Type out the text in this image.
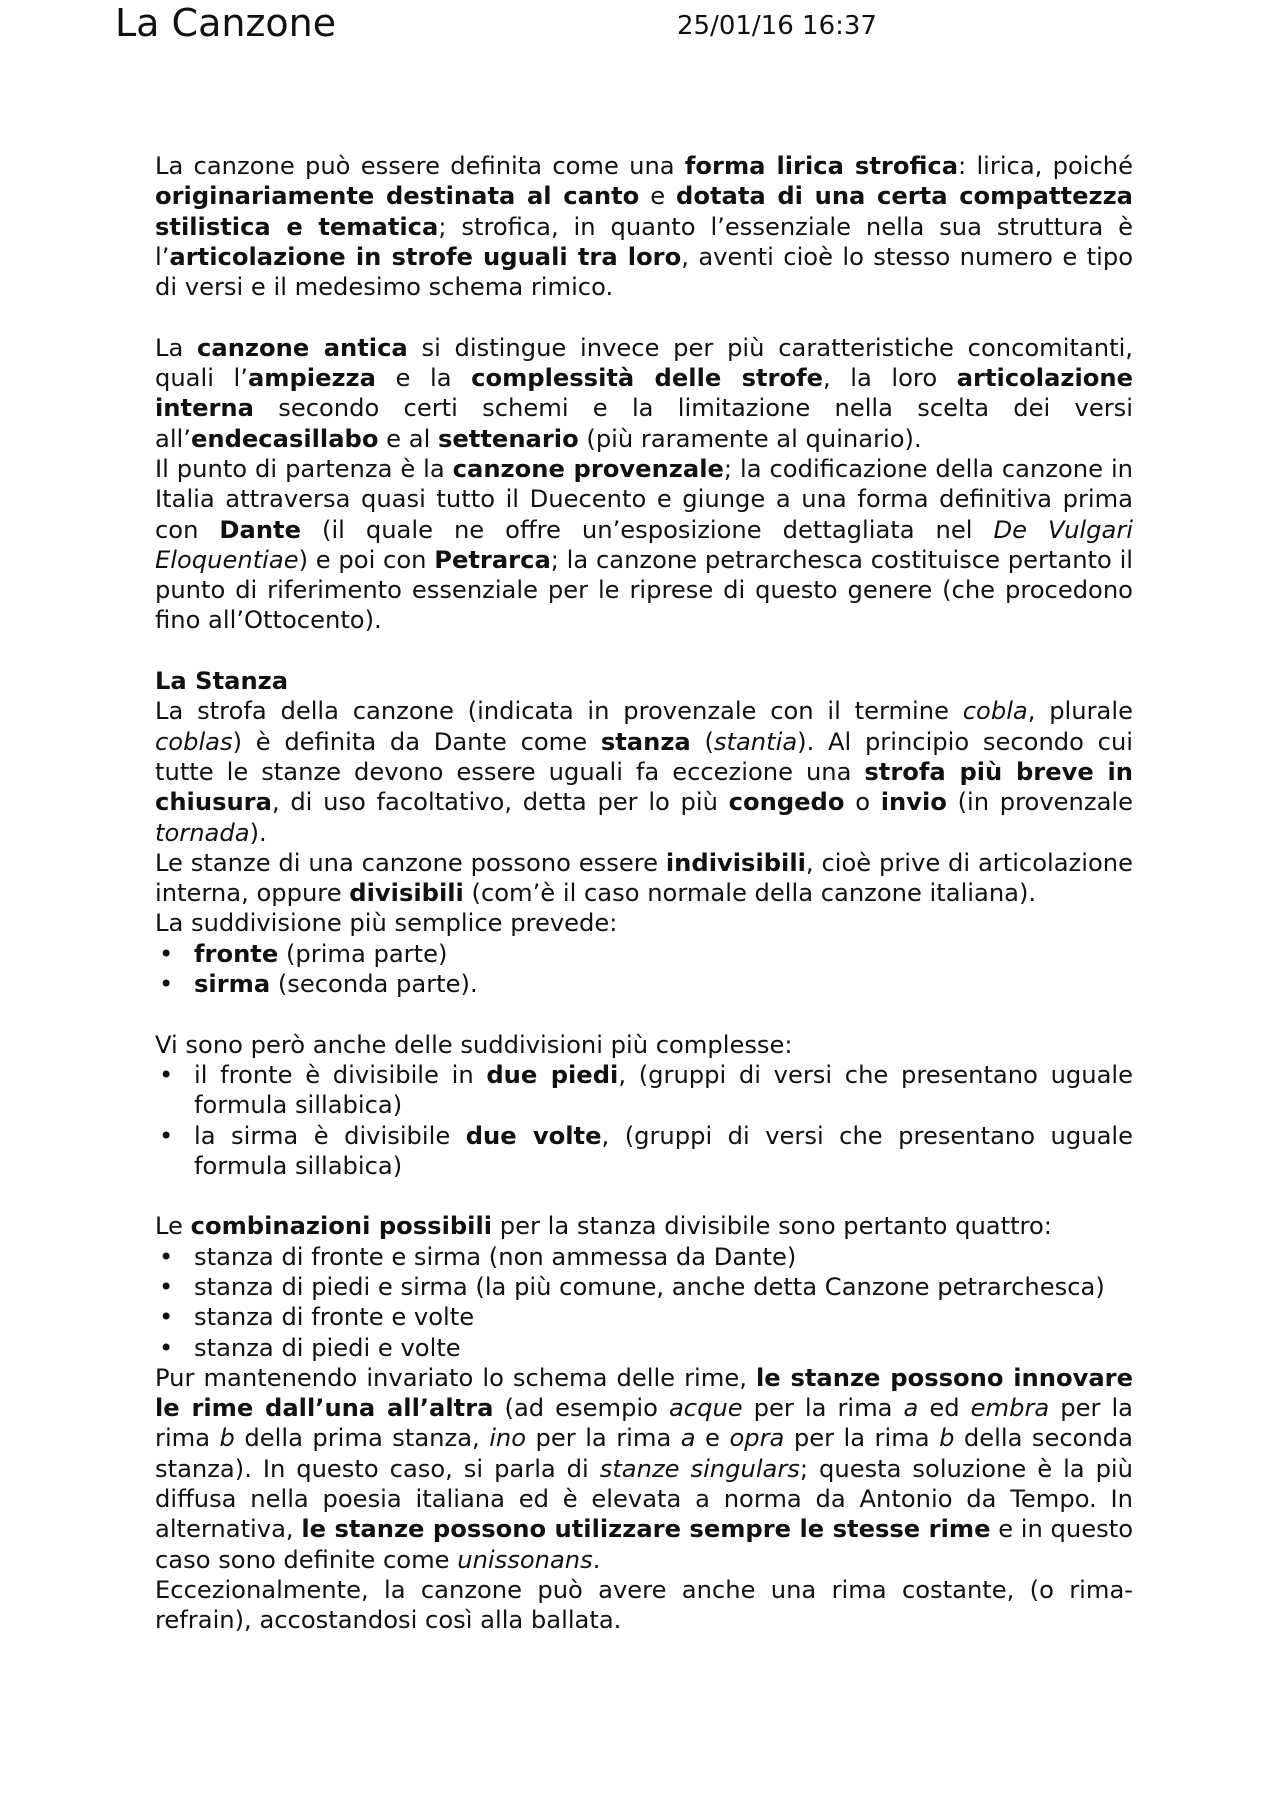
La Canzone	25/01/16 16:37

La canzone può essere definita come una forma lirica strofica: lirica, poiché originariamente destinata al canto e dotata di una certa compattezza stilistica e tematica; strofica, in quanto l’essenziale nella sua struttura è l’articolazione in strofe uguali tra loro, aventi cioè lo stesso numero e tipo di versi e il medesimo schema rimico.

La canzone antica si distingue invece per più caratteristiche concomitanti, quali l’ampiezza e la complessità delle strofe, la loro articolazione interna secondo certi schemi e la limitazione nella scelta dei versi all’endecasillabo e al settenario (più raramente al quinario).

Il punto di partenza è la canzone provenzale; la codificazione della canzone in Italia attraversa quasi tutto il Duecento e giunge a una forma definitiva prima con Dante (il quale ne offre un’esposizione dettagliata nel De Vulgari Eloquentiae) e poi con Petrarca; la canzone petrarchesca costituisce pertanto il punto di riferimento essenziale per le riprese di questo genere (che procedono fino all’Ottocento).

La Stanza

La strofa della canzone (indicata in provenzale con il termine cobla, plurale coblas) è definita da Dante come stanza (stantia). Al principio secondo cui tutte le stanze devono essere uguali fa eccezione una strofa più breve in chiusura, di uso facoltativo, detta per lo più congedo o invio (in provenzale tornada).

Le stanze di una canzone possono essere indivisibili, cioè prive di articolazione interna, oppure divisibili (com’è il caso normale della canzone italiana).

La suddivisione più semplice prevede:

• fronte (prima parte)
• sirma (seconda parte).

Vi sono però anche delle suddivisioni più complesse:

• il fronte è divisibile in due piedi, (gruppi di versi che presentano uguale formula sillabica)
• la sirma è divisibile due volte, (gruppi di versi che presentano uguale formula sillabica)

Le combinazioni possibili per la stanza divisibile sono pertanto quattro:

• stanza di fronte e sirma (non ammessa da Dante)
• stanza di piedi e sirma (la più comune, anche detta Canzone petrarchesca)
• stanza di fronte e volte
• stanza di piedi e volte

Pur mantenendo invariato lo schema delle rime, le stanze possono innovare le rime dall’una all’altra (ad esempio acque per la rima a ed embra per la rima b della prima stanza, ino per la rima a e opra per la rima b della seconda stanza). In questo caso, si parla di stanze singulars; questa soluzione è la più diffusa nella poesia italiana ed è elevata a norma da Antonio da Tempo. In alternativa, le stanze possono utilizzare sempre le stesse rime e in questo caso sono definite come unissonans.

Eccezionalmente, la canzone può avere anche una rima costante, (o rima-refrain), accostandosi così alla ballata.
